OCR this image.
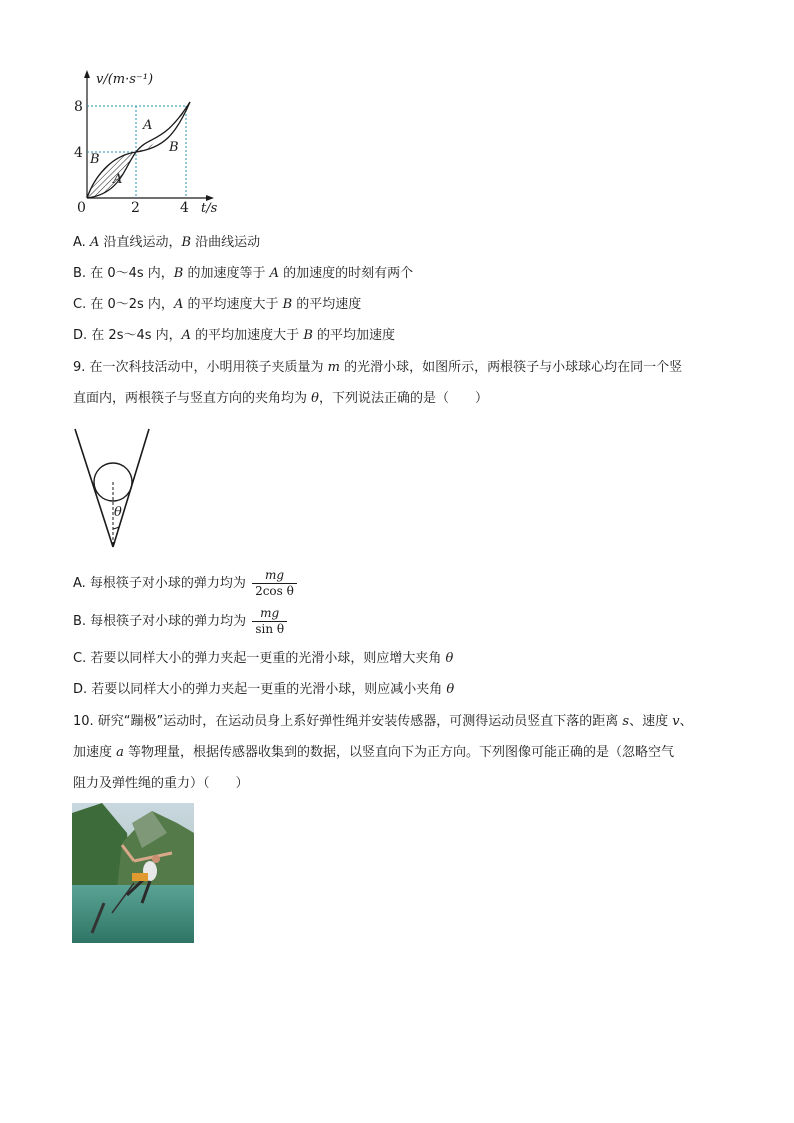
v/(m·s⁻¹)
8
4
0	2	4 t/s
A
B
B
A
A. A 沿直线运动，B 沿曲线运动
B. 在 0～4s 内，B 的加速度等于 A 的加速度的时刻有两个
C. 在 0～2s 内，A 的平均速度大于 B 的平均速度
D. 在 2s～4s 内，A 的平均加速度大于 B 的平均加速度
9. 在一次科技活动中，小明用筷子夹质量为 m 的光滑小球，如图所示，两根筷子与小球球心均在同一个竖
直面内，两根筷子与竖直方向的夹角均为 θ，下列说法正确的是（　　）
θ
A. 每根筷子对小球的弹力均为 $\frac{mg}{\text{2cos θ}}$
B. 每根筷子对小球的弹力均为 $\frac{mg}{\text{sin θ}}$
C. 若要以同样大小的弹力夹起一更重的光滑小球，则应增大夹角 θ
D. 若要以同样大小的弹力夹起一更重的光滑小球，则应减小夹角 θ
10. 研究“蹦极”运动时，在运动员身上系好弹性绳并安装传感器，可测得运动员竖直下落的距离 s、速度 v、
加速度 a 等物理量，根据传感器收集到的数据，以竖直向下为正方向。下列图像可能正确的是（忽略空气
阻力及弹性绳的重力）（　　）
